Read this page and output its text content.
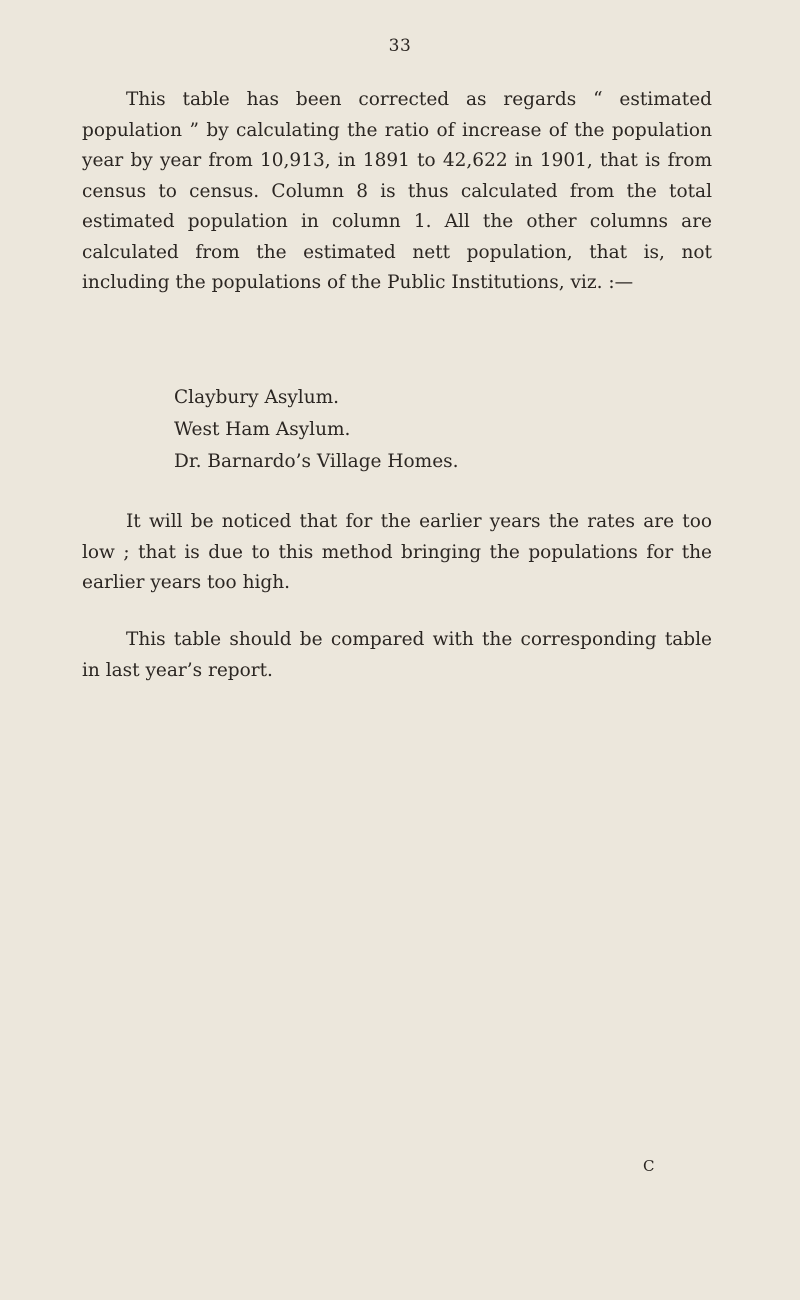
33

This table has been corrected as regards “ estimated population ” by calculating the ratio of increase of the population year by year from 10,913, in 1891 to 42,622 in 1901, that is from census to census. Column 8 is thus calculated from the total estimated population in column 1. All the other columns are calculated from the estimated nett population, that is, not including the populations of the Public Institutions, viz. :—

Claybury Asylum.
West Ham Asylum.
Dr. Barnardo’s Village Homes.

It will be noticed that for the earlier years the rates are too low ; that is due to this method bringing the populations for the earlier years too high.

This table should be compared with the corresponding table in last year’s report.

C
